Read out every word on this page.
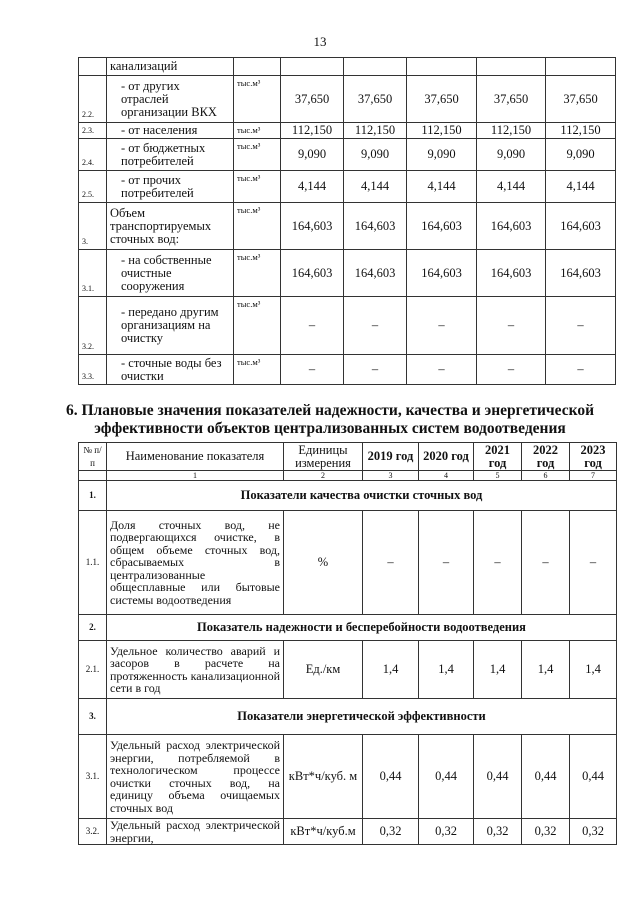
13
	канализаций						
2.2.	- от других отраслей организации ВКХ	тыс.м³	37,650	37,650	37,650	37,650	37,650
2.3.	- от населения	тыс.м³	112,150	112,150	112,150	112,150	112,150
2.4.	- от бюджетных потребителей	тыс.м³	9,090	9,090	9,090	9,090	9,090
2.5.	- от прочих потребителей	тыс.м³	4,144	4,144	4,144	4,144	4,144
3.	Объем транспортируемых сточных вод:	тыс.м³	164,603	164,603	164,603	164,603	164,603
3.1.	- на собственные очистные сооружения	тыс.м³	164,603	164,603	164,603	164,603	164,603
3.2.	- передано другим организациям на очистку	тыс.м³	–	–	–	–	–
3.3.	- сточные воды без очистки	тыс.м³	–	–	–	–	–
6. Плановые значения показателей надежности, качества и энергетической эффективности объектов централизованных систем водоотведения
№ п/п	Наименование показателя	Единицы измерения	2019 год	2020 год	2021 год	2022 год	2023 год
	1	2	3	4	5	6	7
1.	Показатели качества очистки сточных вод						
1.1.	Доля сточных вод, не подвергающихся очистке, в общем объеме сточных вод, сбрасываемых в централизованные общесплавные или бытовые системы водоотведения	%	–	–	–	–	–
2.	Показатель надежности и бесперебойности водоотведения						
2.1.	Удельное количество аварий и засоров в расчете на протяженность канализационной сети в год	Ед./км	1,4	1,4	1,4	1,4	1,4
3.	Показатели энергетической эффективности						
3.1.	Удельный расход электрической энергии, потребляемой в технологическом процессе очистки сточных вод, на единицу объема очищаемых сточных вод	кВт*ч/куб. м	0,44	0,44	0,44	0,44	0,44
3.2.	Удельный расход электрической энергии,	кВт*ч/куб.м	0,32	0,32	0,32	0,32	0,32
